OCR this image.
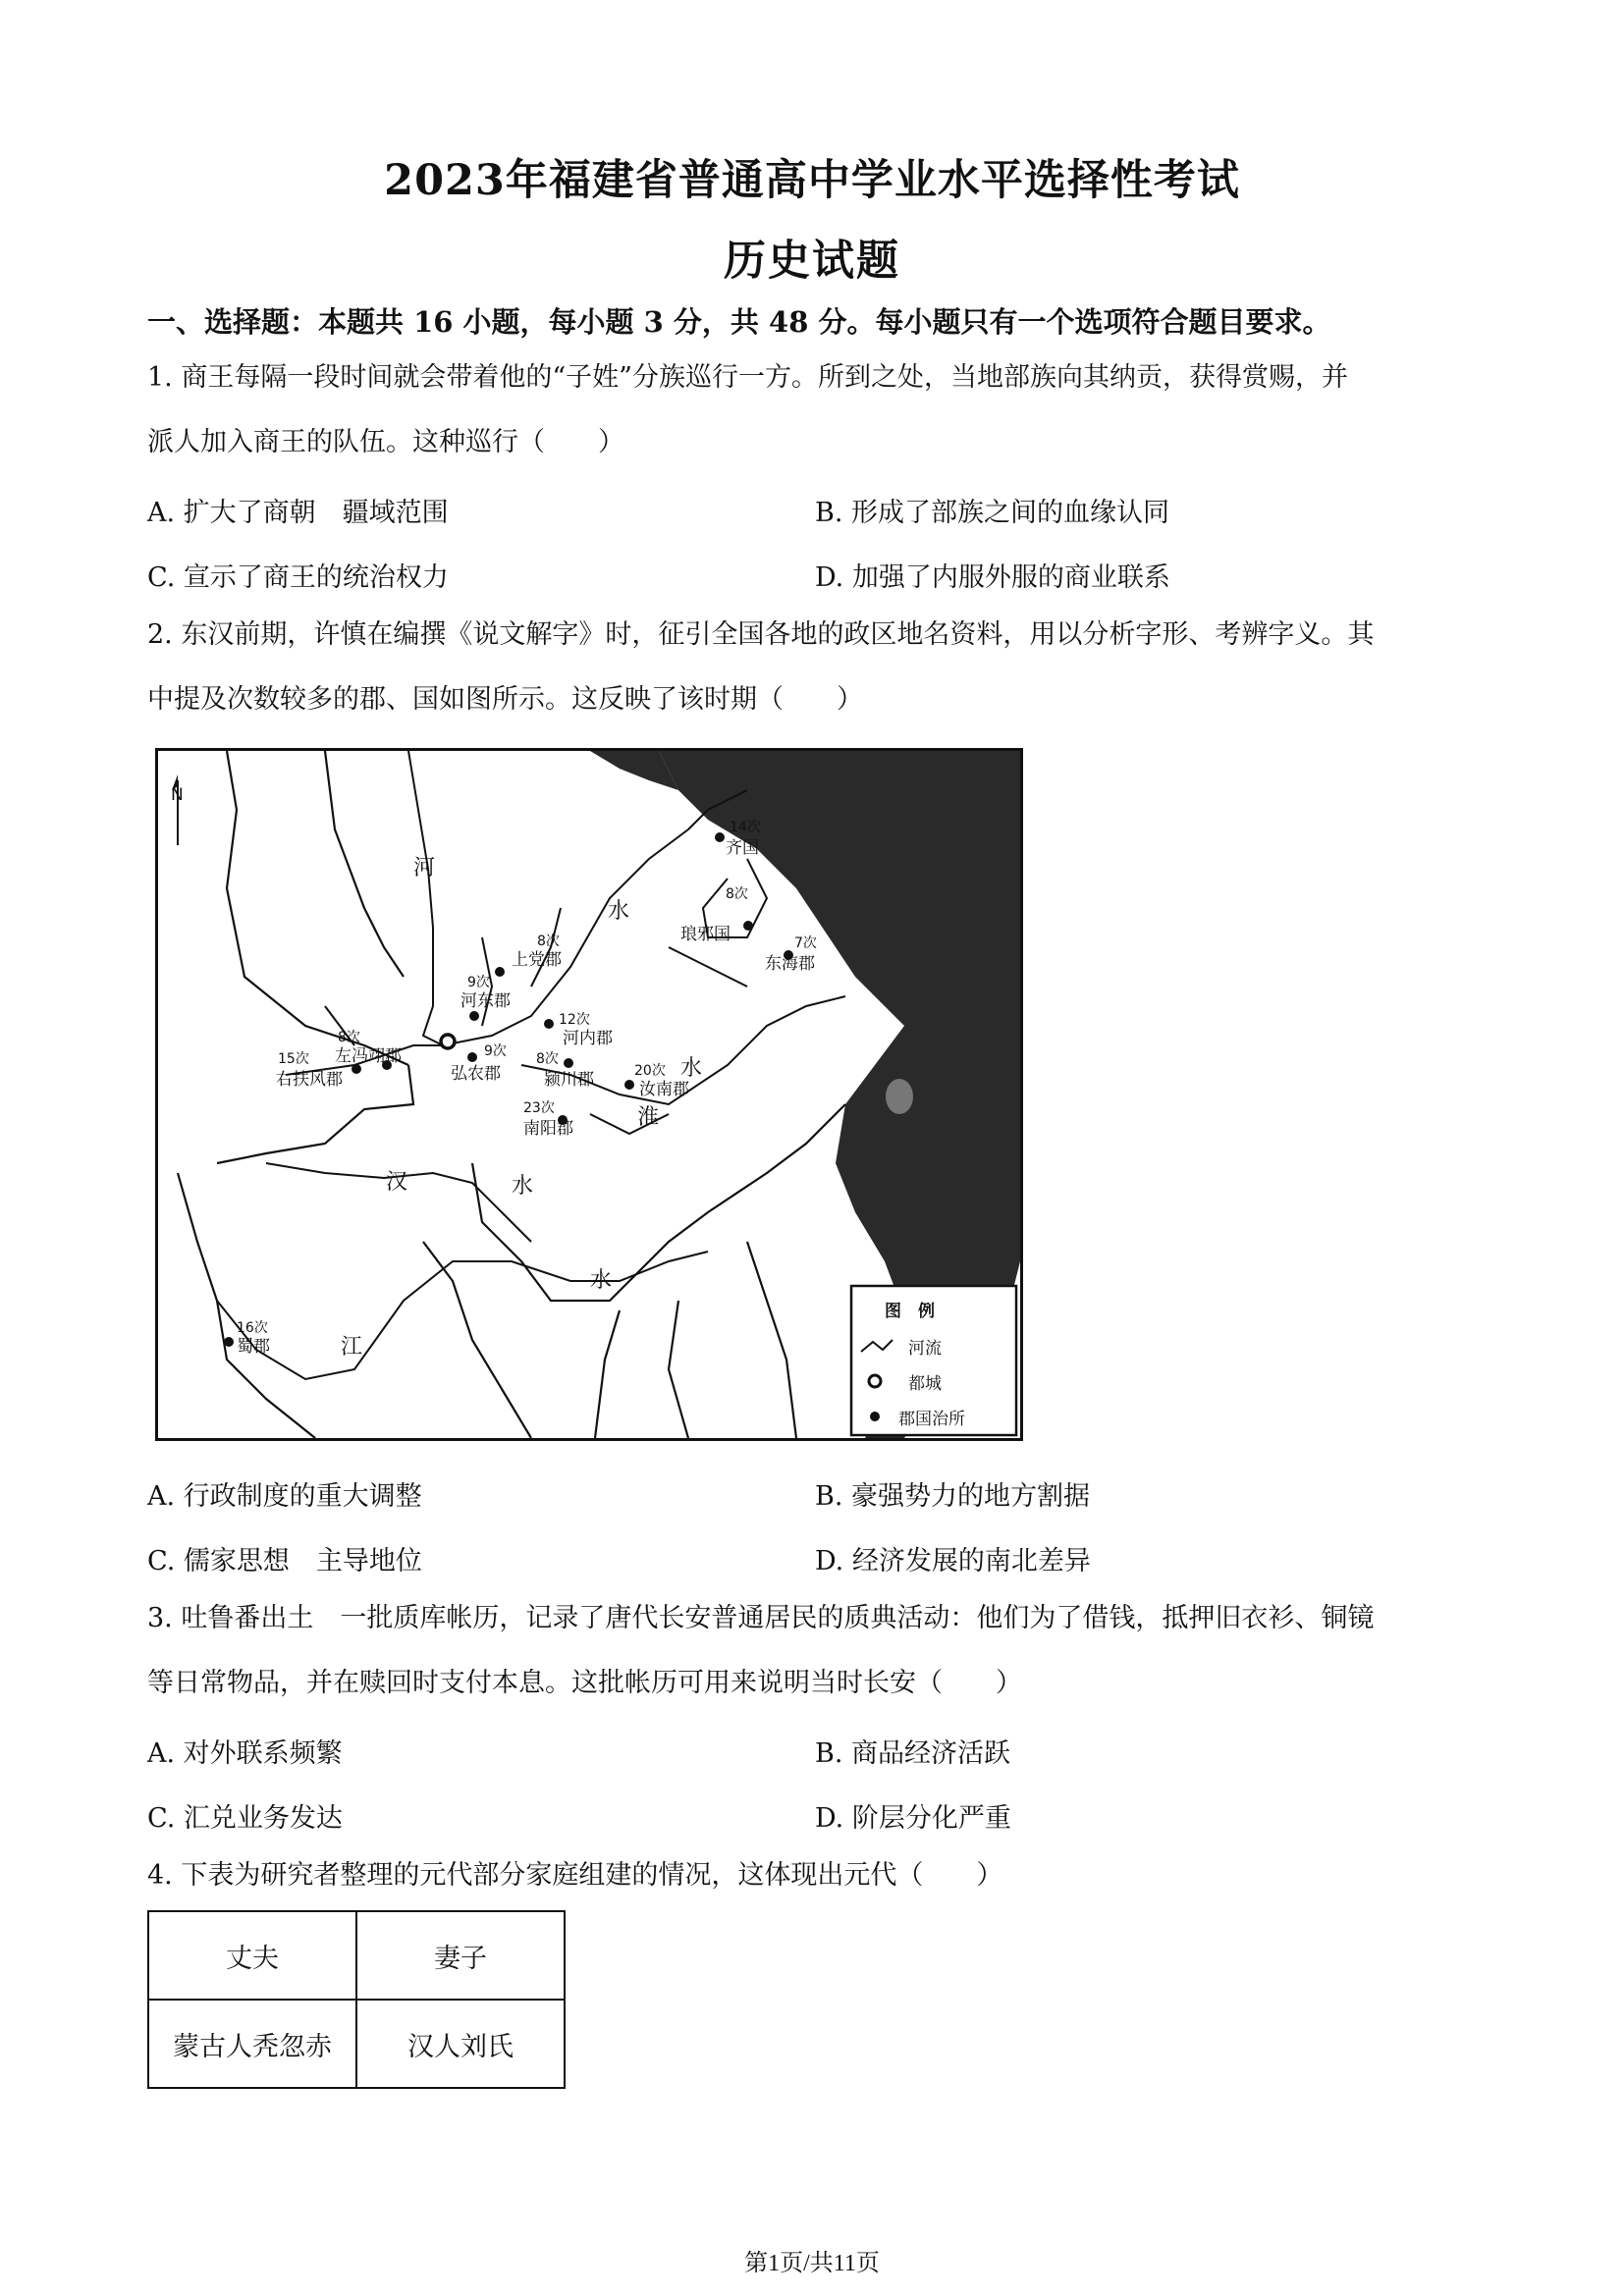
2023年福建省普通高中学业水平选择性考试
历史试题
一、选择题：本题共 16 小题，每小题 3 分，共 48 分。每小题只有一个选项符合题目要求。
1. 商王每隔一段时间就会带着他的“子姓”分族巡行一方。所到之处，当地部族向其纳贡，获得赏赐，并
派人加入商王的队伍。这种巡行（　　）
A. 扩大了商朝　疆域范围	B. 形成了部族之间的血缘认同
C. 宣示了商王的统治权力	D. 加强了内服外服的商业联系
2. 东汉前期，许慎在编撰《说文解字》时，征引全国各地的政区地名资料，用以分析字形、考辨字义。其
中提及次数较多的郡、国如图所示。这反映了该时期（　　）
N
14次
齐国
8次
琅邪国	7次
东海郡
8次
上党郡
9次
河东郡
12次
河内郡
8次
左冯翊郡
15次
右扶风郡
9次
弘农郡
8次
颍川郡	20次
汝南郡
23次
南阳郡
16次
蜀郡
河
水
水
淮
汉	水
江
水
图　例
河流
都城
郡国治所
A. 行政制度的重大调整	B. 豪强势力的地方割据
C. 儒家思想　主导地位	D. 经济发展的南北差异
3. 吐鲁番出土　一批质库帐历，记录了唐代长安普通居民的质典活动：他们为了借钱，抵押旧衣衫、铜镜
等日常物品，并在赎回时支付本息。这批帐历可用来说明当时长安（　　）
A. 对外联系频繁	B. 商品经济活跃
C. 汇兑业务发达	D. 阶层分化严重
4. 下表为研究者整理的元代部分家庭组建的情况，这体现出元代（　　）
丈夫	妻子
蒙古人秃忽赤	汉人刘氏
第1页/共11页
